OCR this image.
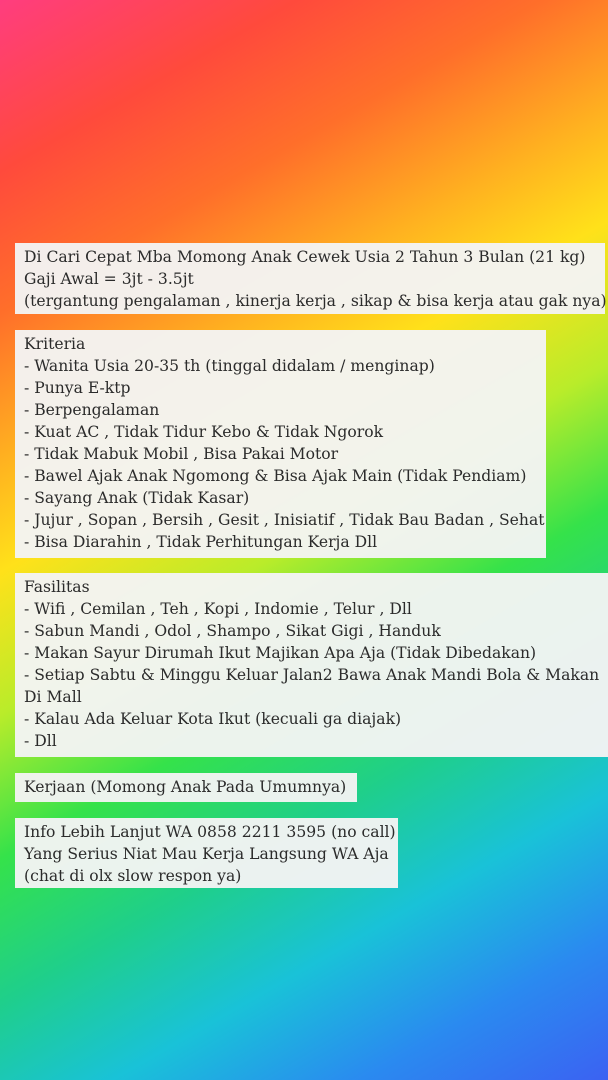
Di Cari Cepat Mba Momong Anak Cewek Usia 2 Tahun 3 Bulan (21 kg)
Gaji Awal = 3jt - 3.5jt
(tergantung pengalaman , kinerja kerja , sikap & bisa kerja atau gak nya)
Kriteria
- Wanita Usia 20-35 th (tinggal didalam / menginap)
- Punya E-ktp
- Berpengalaman
- Kuat AC , Tidak Tidur Kebo & Tidak Ngorok
- Tidak Mabuk Mobil , Bisa Pakai Motor
- Bawel Ajak Anak Ngomong & Bisa Ajak Main (Tidak Pendiam)
- Sayang Anak (Tidak Kasar)
- Jujur , Sopan , Bersih , Gesit , Inisiatif , Tidak Bau Badan , Sehat
- Bisa Diarahin , Tidak Perhitungan Kerja Dll
Fasilitas
- Wifi , Cemilan , Teh , Kopi , Indomie , Telur , Dll
- Sabun Mandi , Odol , Shampo , Sikat Gigi , Handuk
- Makan Sayur Dirumah Ikut Majikan Apa Aja (Tidak Dibedakan)
- Setiap Sabtu & Minggu Keluar Jalan2 Bawa Anak Mandi Bola & Makan
Di Mall
- Kalau Ada Keluar Kota Ikut (kecuali ga diajak)
- Dll
Kerjaan (Momong Anak Pada Umumnya)
Info Lebih Lanjut WA 0858 2211 3595 (no call)
Yang Serius Niat Mau Kerja Langsung WA Aja
(chat di olx slow respon ya)
